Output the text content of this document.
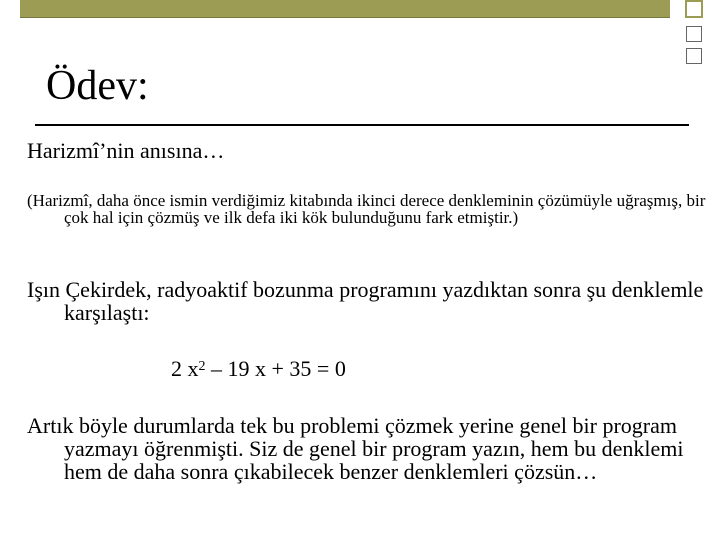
Ödev:

Harizmî’nin anısına…

(Harizmî, daha önce ismin verdiğimiz kitabında ikinci derece denkleminin çözümüyle uğraşmış, bir çok hal için çözmüş ve ilk defa iki kök bulunduğunu fark etmiştir.)

Işın Çekirdek, radyoaktif bozunma programını yazdıktan sonra şu denklemle karşılaştı:

2 $x^2 - 19$ x + 35 = 0

Artık böyle durumlarda tek bu problemi çözmek yerine genel bir program yazmayı öğrenmişti. Siz de genel bir program yazın, hem bu denklemi hem de daha sonra çıkabilecek benzer denklemleri çözsün…
